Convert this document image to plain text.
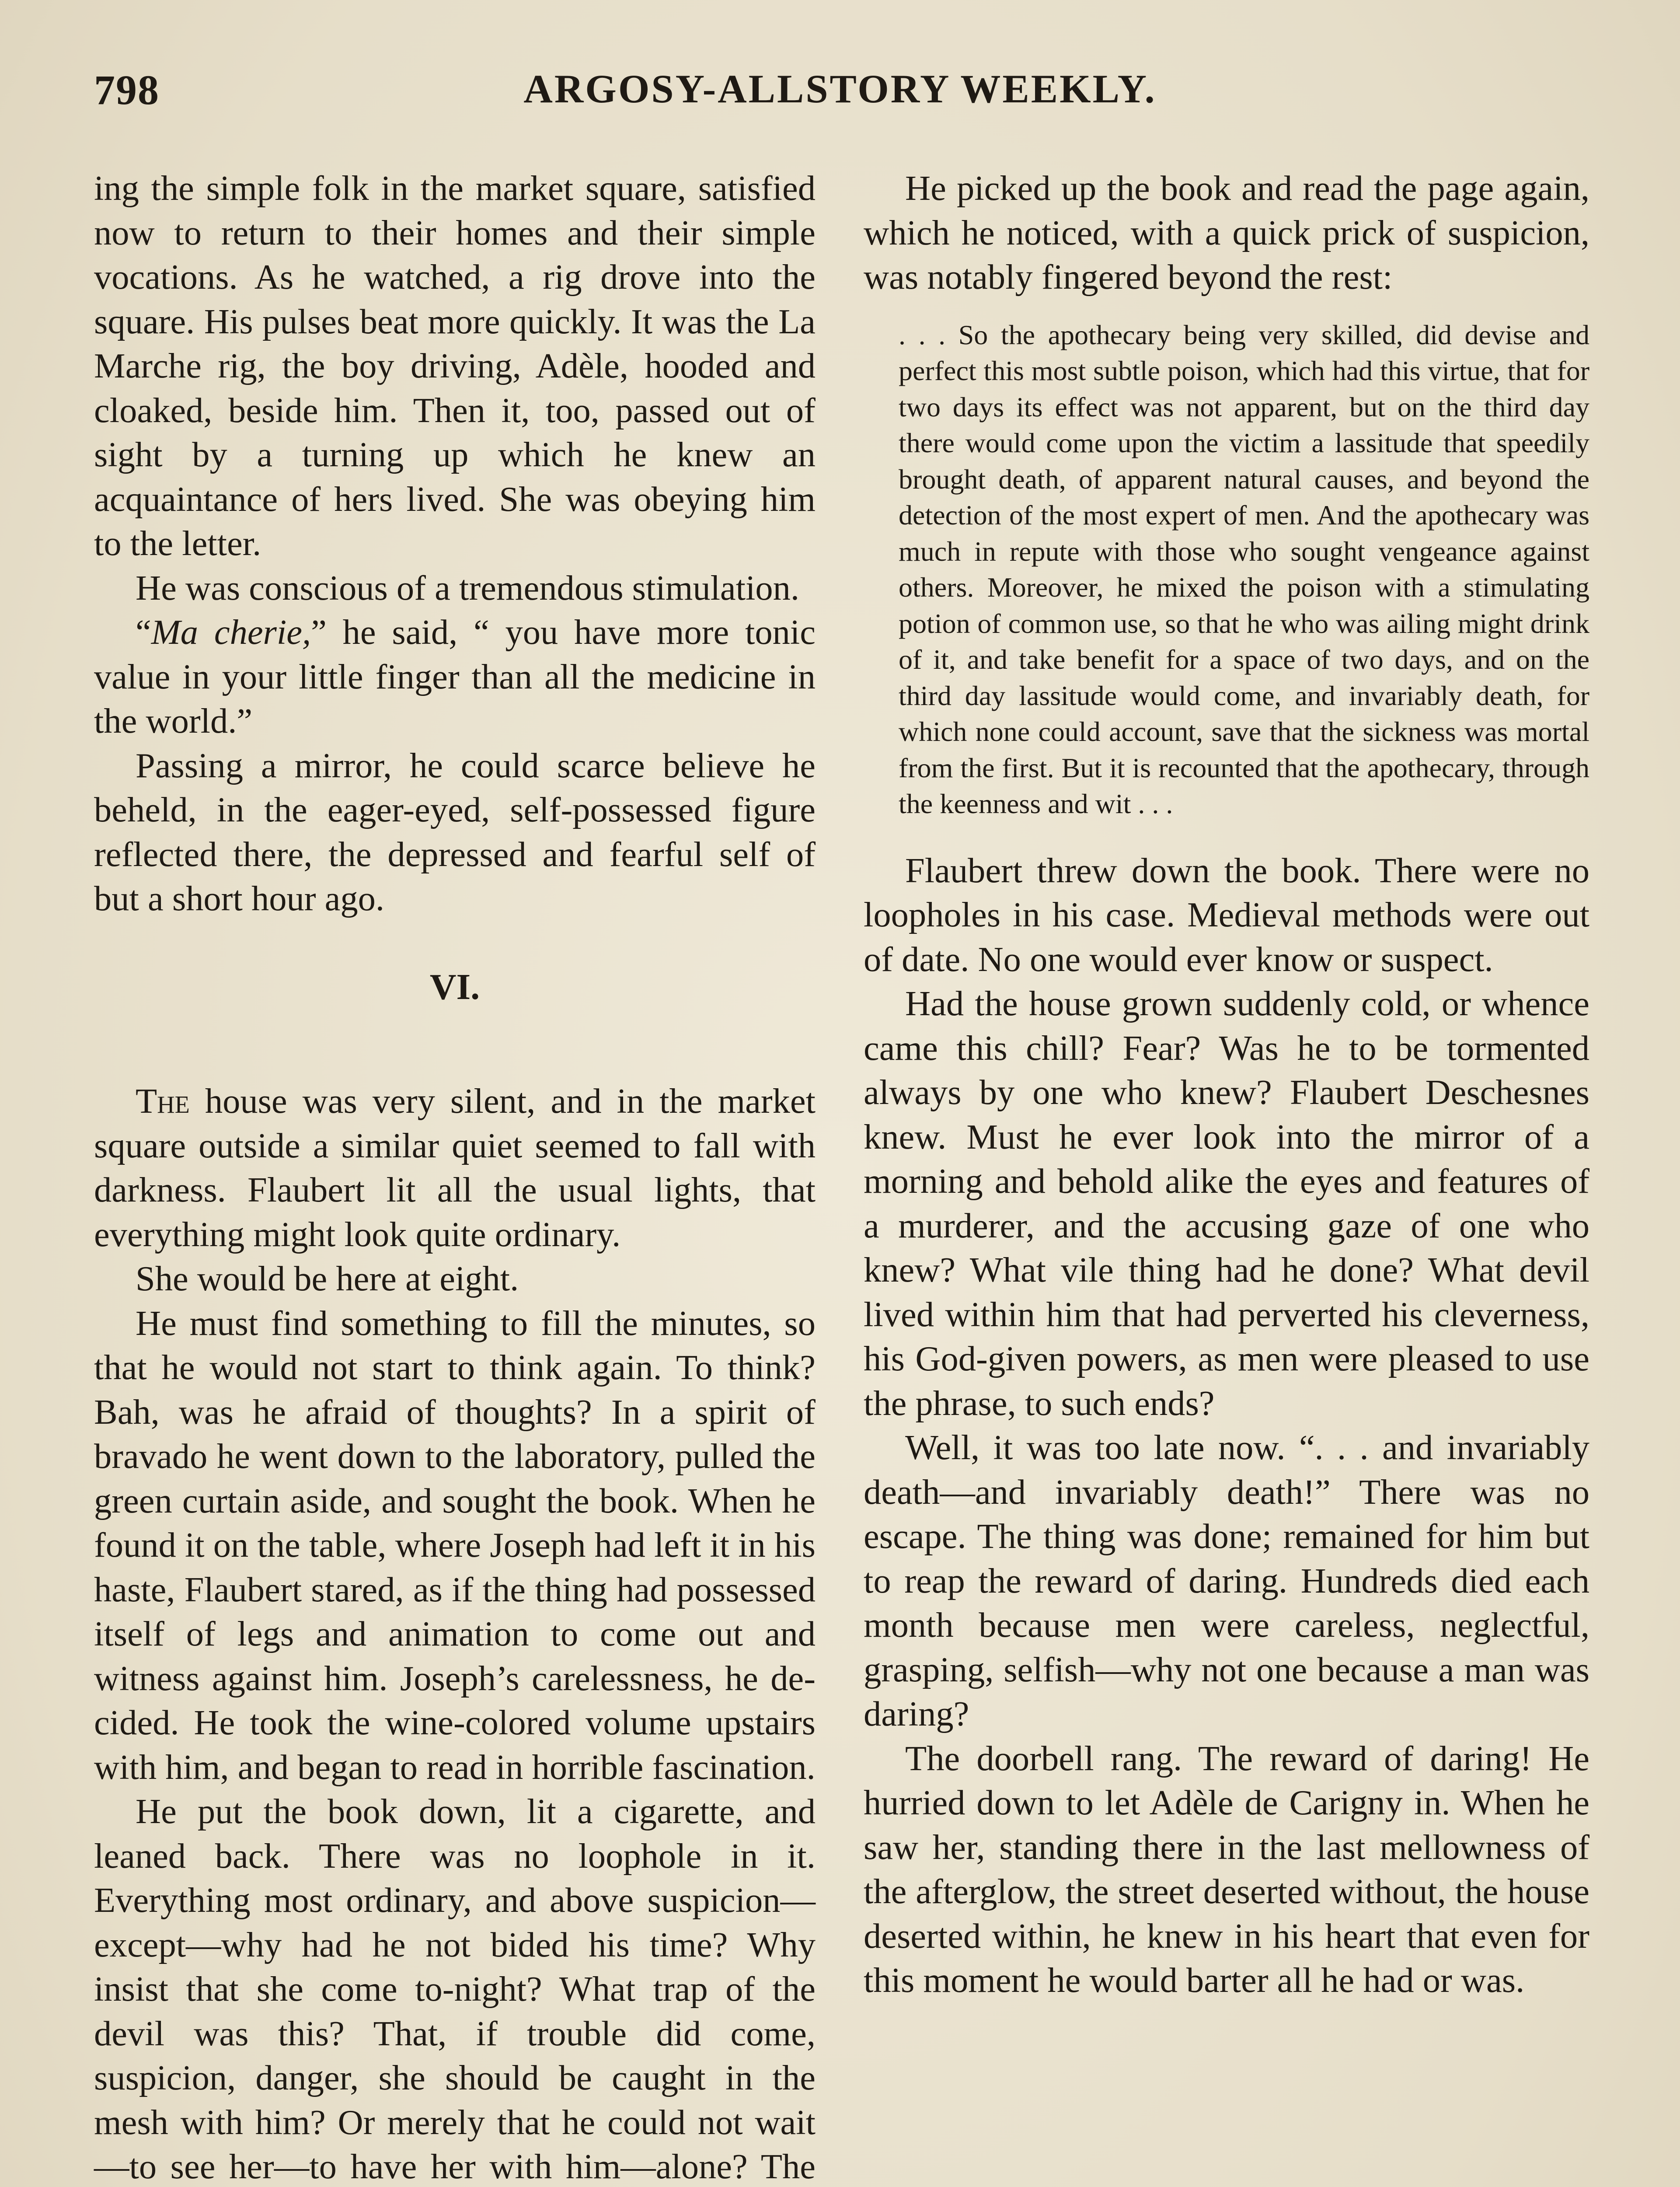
798	ARGOSY-ALLSTORY WEEKLY.

ing the simple folk in the market square, satisfied now to return to their homes and their simple vocations. As he watched, a rig drove into the square. His pulses beat more quickly. It was the La Marche rig, the boy driving, Adèle, hooded and cloaked, beside him. Then it, too, passed out of sight by a turning up which he knew an acquaintance of hers lived. She was obeying him to the letter.

He was conscious of a tremendous stimulation.

“Ma cherie,” he said, “ you have more tonic value in your little finger than all the medicine in the world.”

Passing a mirror, he could scarce believe he beheld, in the eager-eyed, self-possessed figure reflected there, the depressed and fearful self of but a short hour ago.

VI.

The house was very silent, and in the market square outside a similar quiet seemed to fall with darkness. Flaubert lit all the usual lights, that everything might look quite ordinary.

She would be here at eight.

He must find something to fill the minutes, so that he would not start to think again. To think? Bah, was he afraid of thoughts? In a spirit of bravado he went down to the laboratory, pulled the green curtain aside, and sought the book. When he found it on the table, where Joseph had left it in his haste, Flaubert stared, as if the thing had possessed itself of legs and animation to come out and witness against him. Joseph’s carelessness, he decided. He took the wine-colored volume upstairs with him, and began to read in horrible fascination.

He put the book down, lit a cigarette, and leaned back. There was no loophole in it. Everything most ordinary, and above suspicion—except—why had he not bided his time? Why insist that she come to-night? What trap of the devil was this? That, if trouble did come, suspicion, danger, she should be caught in the mesh with him? Or merely that he could not wait—to see her—to have her with him—alone? The

He picked up the book and read the page again, which he noticed, with a quick prick of suspicion, was notably fingered beyond the rest:

. . . So the apothecary being very skilled, did devise and perfect this most subtle poison, which had this virtue, that for two days its effect was not apparent, but on the third day there would come upon the victim a lassitude that speedily brought death, of apparent natural causes, and beyond the detection of the most expert of men. And the apothecary was much in repute with those who sought vengeance against others. Moreover, he mixed the poison with a stimulating potion of common use, so that he who was ailing might drink of it, and take benefit for a space of two days, and on the third day lassitude would come, and invariably death, for which none could account, save that the sickness was mortal from the first. But it is recounted that the apothecary, through the keenness and wit . . .

Flaubert threw down the book. There were no loopholes in his case. Medieval methods were out of date. No one would ever know or suspect.

Had the house grown suddenly cold, or whence came this chill? Fear? Was he to be tormented always by one who knew? Flaubert Deschesnes knew. Must he ever look into the mirror of a morning and behold alike the eyes and features of a murderer, and the accusing gaze of one who knew? What vile thing had he done? What devil lived within him that had perverted his cleverness, his God-given powers, as men were pleased to use the phrase, to such ends?

Well, it was too late now. “. . . and invariably death—and invariably death!” There was no escape. The thing was done; remained for him but to reap the reward of daring. Hundreds died each month because men were careless, neglectful, grasping, selfish—why not one because a man was daring?

The doorbell rang. The reward of daring! He hurried down to let Adèle de Carigny in. When he saw her, standing there in the last mellowness of the afterglow, the street deserted without, the house deserted within, he knew in his heart that even for this moment he would barter all he had or was.
